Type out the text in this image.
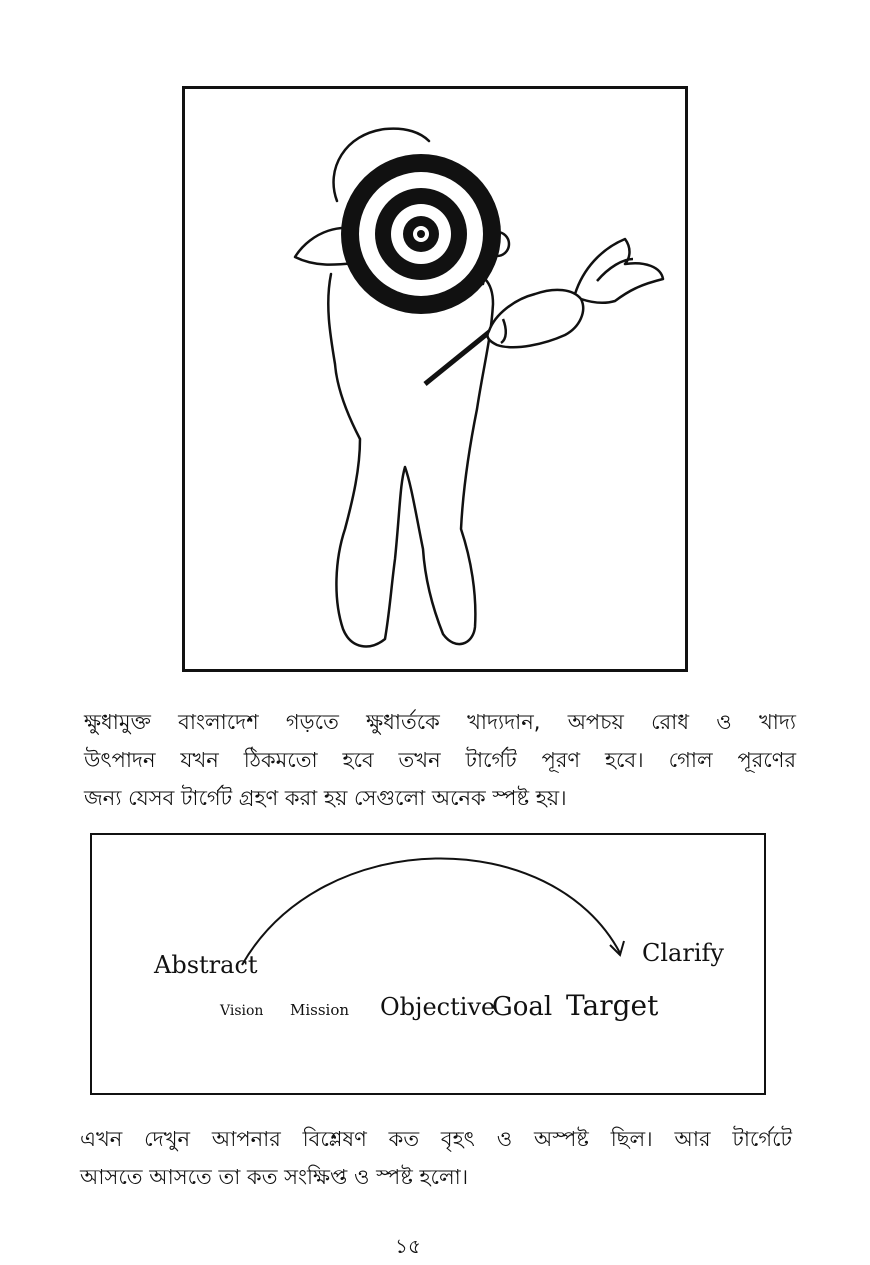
ক্ষুধামুক্ত বাংলাদেশ গড়তে ক্ষুধার্তকে খাদ্যদান, অপচয় রোধ ও খাদ্য
উৎপাদন যখন ঠিকমতো হবে তখন টার্গেট পূরণ হবে। গোল পূরণের
জন্য যেসব টার্গেট গ্রহণ করা হয় সেগুলো অনেক স্পষ্ট হয়।

Abstract	Clarify
Vision Mission Objective
Goal Target

এখন দেখুন আপনার বিশ্লেষণ কত বৃহৎ ও অস্পষ্ট ছিল। আর টার্গেটে
আসতে আসতে তা কত সংক্ষিপ্ত ও স্পষ্ট হলো।

১৫
